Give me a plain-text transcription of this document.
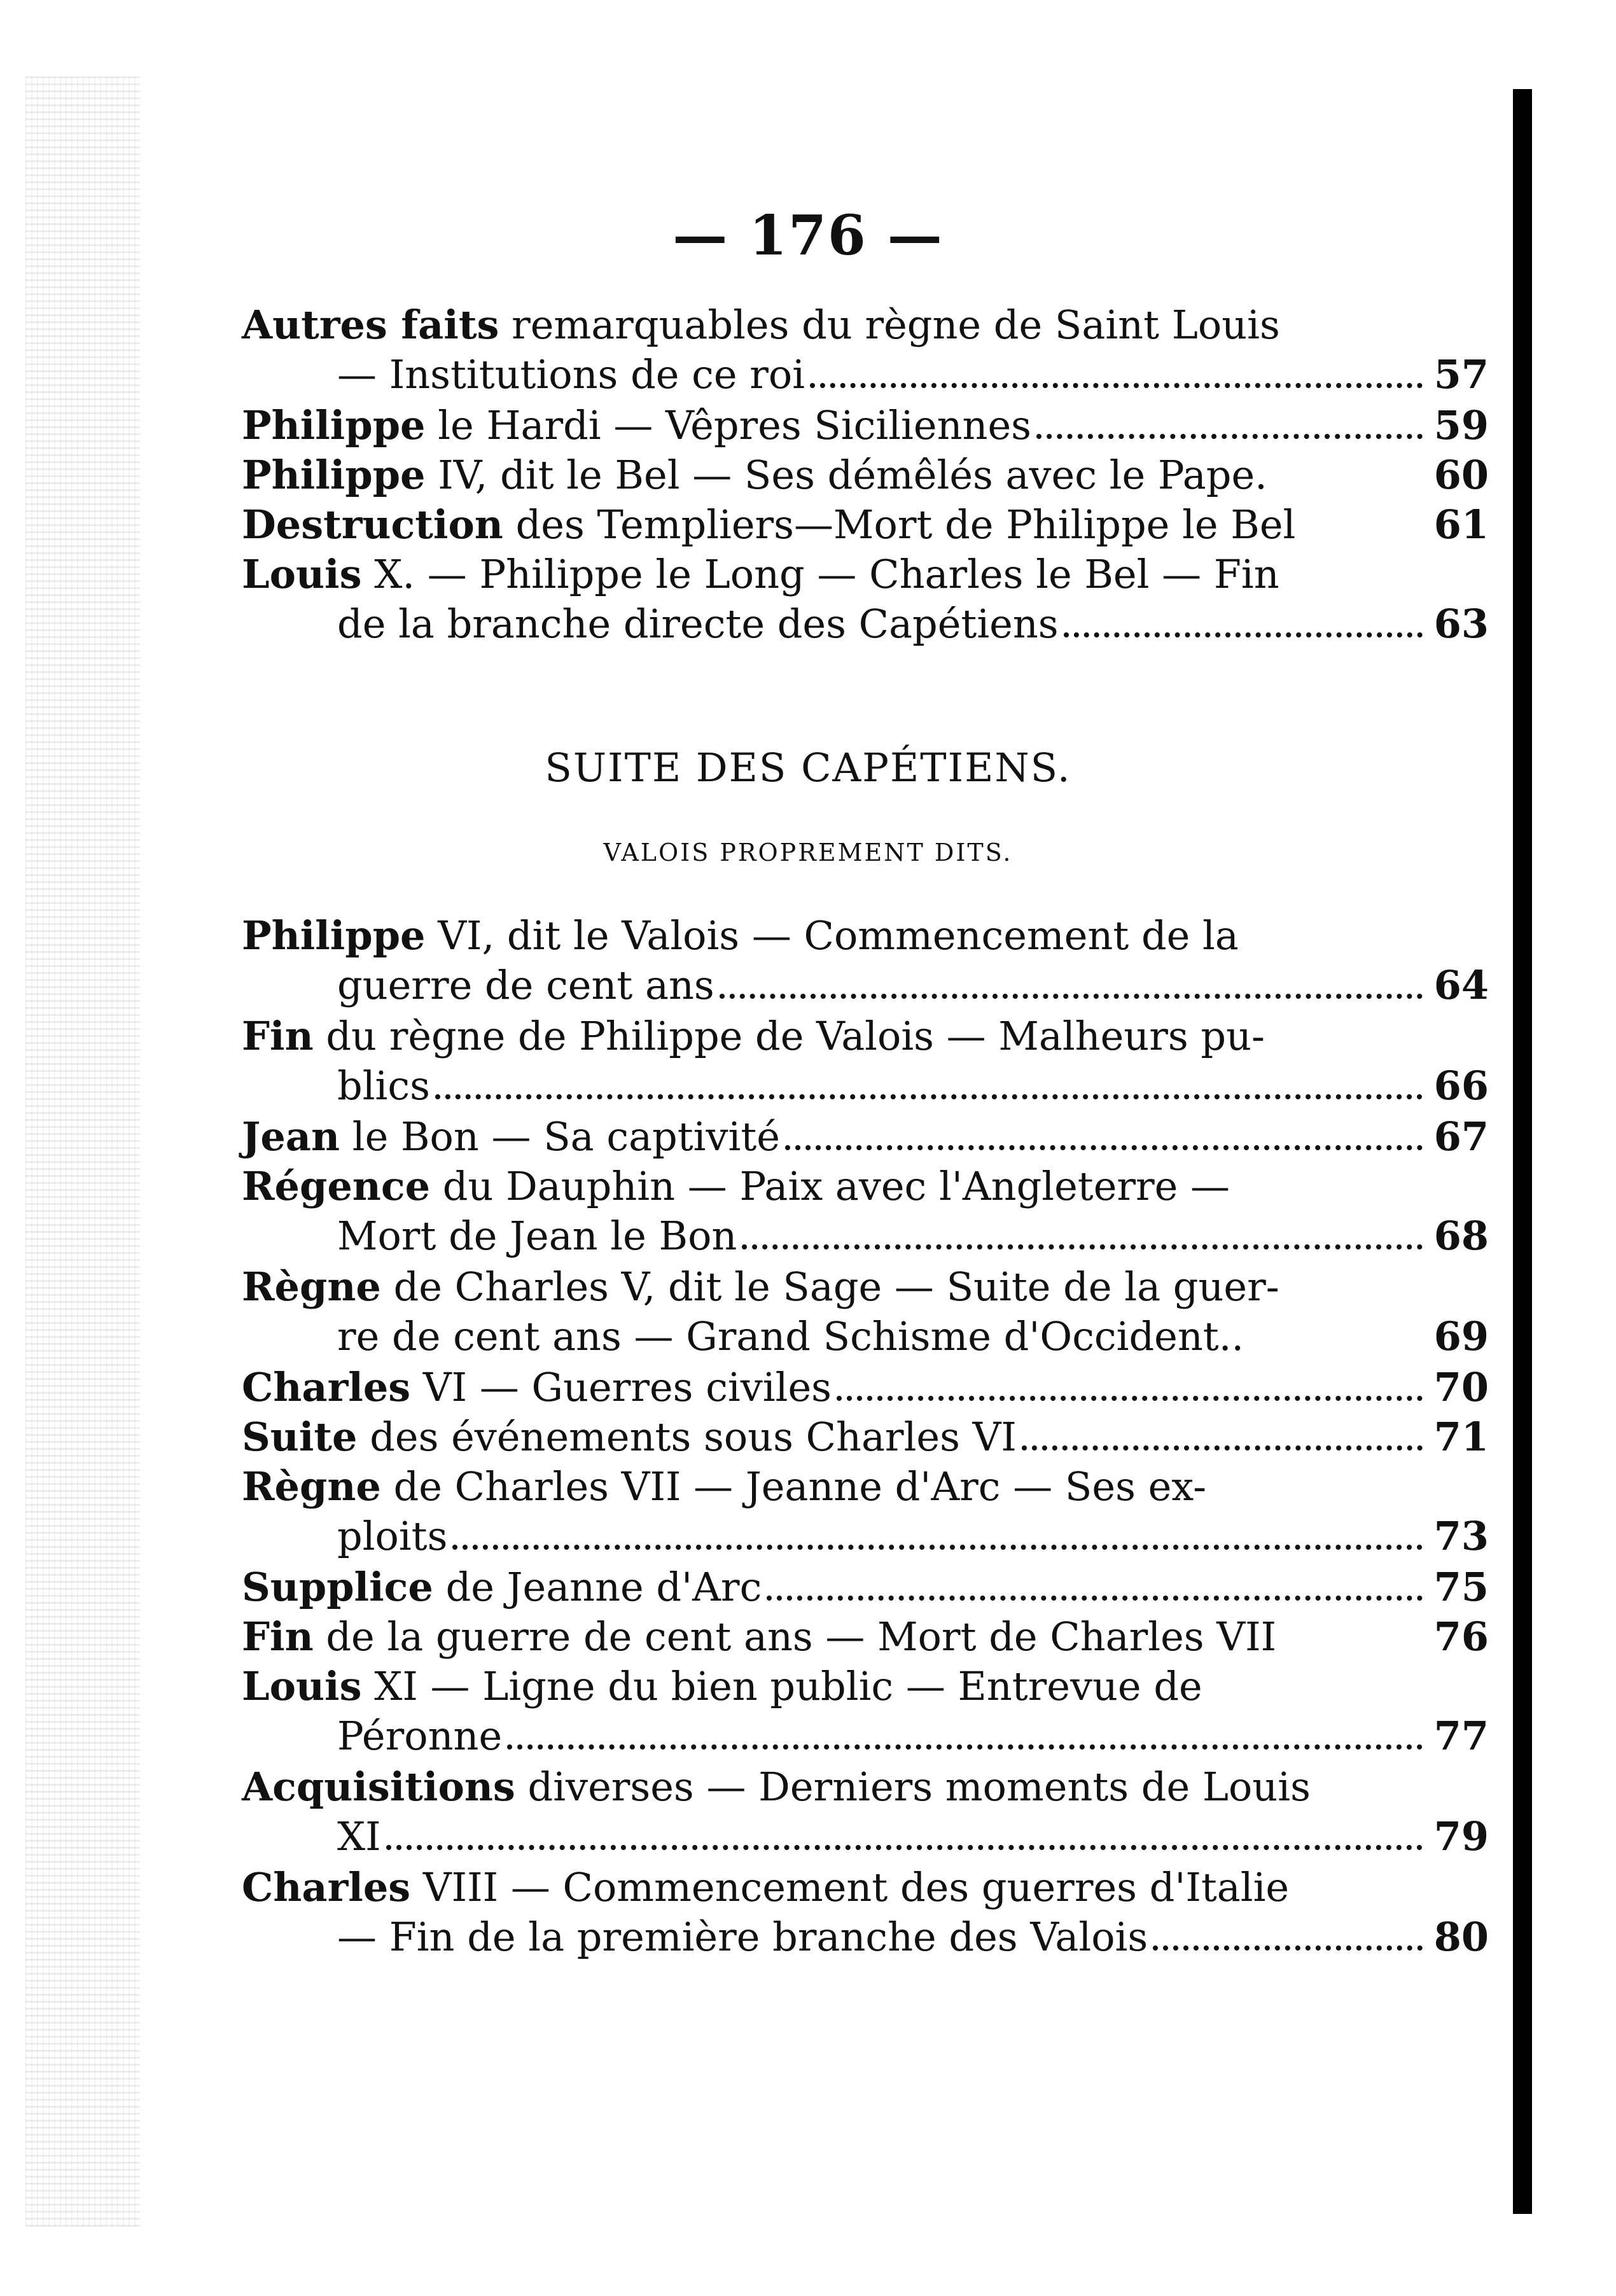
— 176 —
Autres faits remarquables du règne de Saint Louis
— Institutions de ce roi	57
Philippe le Hardi — Vêpres Siciliennes	59
Philippe IV, dit le Bel — Ses démêlés avec le Pape.	60
Destruction des Templiers—Mort de Philippe le Bel	61
Louis X. — Philippe le Long — Charles le Bel — Fin
de la branche directe des Capétiens	63
SUITE DES CAPÉTIENS.
VALOIS PROPREMENT DITS.
Philippe VI, dit le Valois — Commencement de la
guerre de cent ans	64
Fin du règne de Philippe de Valois — Malheurs pu-
blics	66
Jean le Bon — Sa captivité	67
Régence du Dauphin — Paix avec l'Angleterre —
Mort de Jean le Bon	68
Règne de Charles V, dit le Sage — Suite de la guer-
re de cent ans — Grand Schisme d'Occident..	69
Charles VI — Guerres civiles	70
Suite des événements sous Charles VI	71
Règne de Charles VII — Jeanne d'Arc — Ses ex-
ploits	73
Supplice de Jeanne d'Arc	75
Fin de la guerre de cent ans — Mort de Charles VII	76
Louis XI — Ligne du bien public — Entrevue de
Péronne	77
Acquisitions diverses — Derniers moments de Louis
XI	79
Charles VIII — Commencement des guerres d'Italie
— Fin de la première branche des Valois	80
